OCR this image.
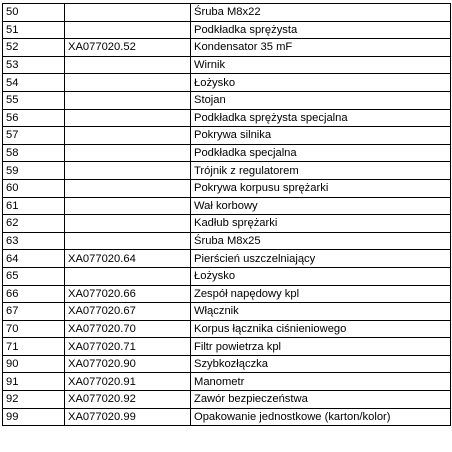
50		Śruba M8x22
51		Podkładka sprężysta
52	XA077020.52	Kondensator 35 mF
53		Wirnik
54		Łożysko
55		Stojan
56		Podkładka sprężysta specjalna
57		Pokrywa silnika
58		Podkładka specjalna
59		Trójnik z regulatorem
60		Pokrywa korpusu sprężarki
61		Wał korbowy
62		Kadłub sprężarki
63		Śruba M8x25
64	XA077020.64	Pierścień uszczelniający
65		Łożysko
66	XA077020.66	Zespół napędowy kpl
67	XA077020.67	Włącznik
70	XA077020.70	Korpus łącznika ciśnieniowego
71	XA077020.71	Filtr powietrza kpl
90	XA077020.90	Szybkozłączka
91	XA077020.91	Manometr
92	XA077020.92	Zawór bezpieczeństwa
99	XA077020.99	Opakowanie jednostkowe (karton/kolor)
